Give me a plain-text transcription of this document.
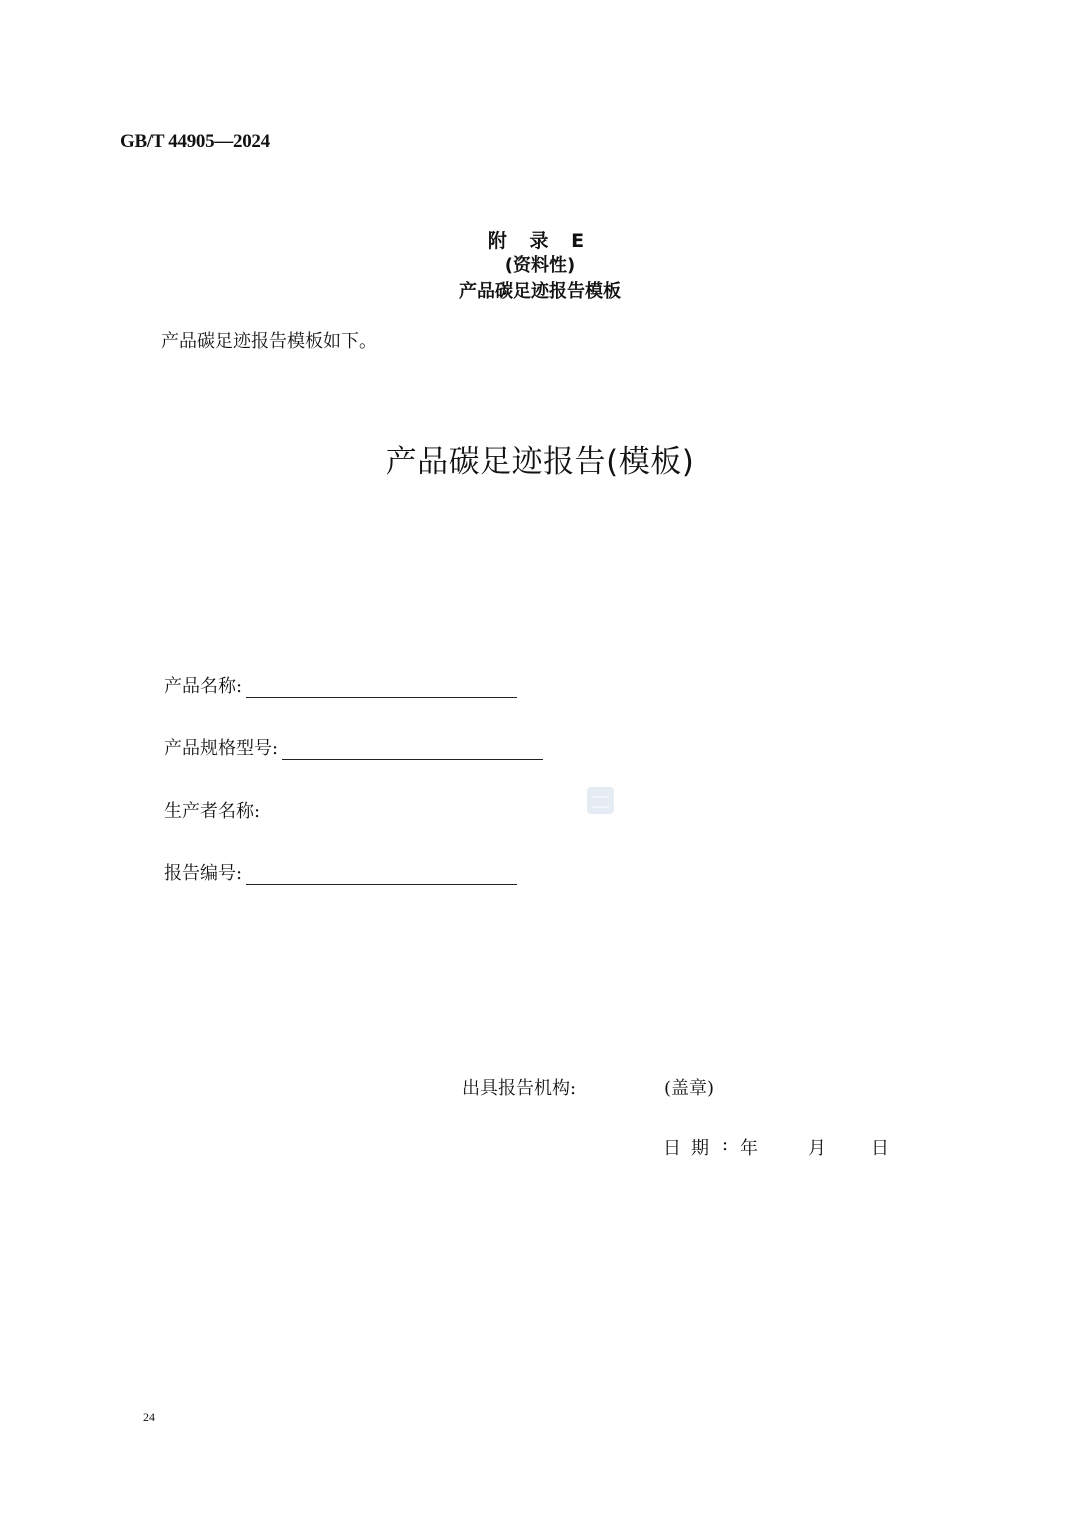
GB/T 44905—2024
附 录 E
(资料性)
产品碳足迹报告模板
产品碳足迹报告模板如下。
产品碳足迹报告(模板)
产品名称:
产品规格型号:
生产者名称:
报告编号:
出具报告机构:	(盖章)
日 期 : 年	月	日
24
